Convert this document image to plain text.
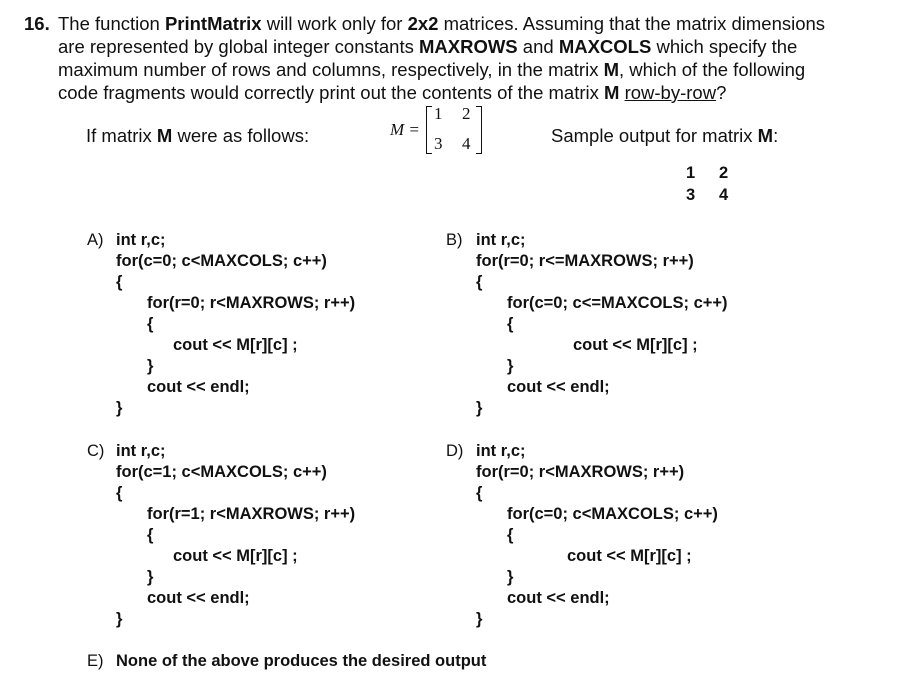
16. The function PrintMatrix will work only for 2x2 matrices. Assuming that the matrix dimensions
are represented by global integer constants MAXROWS and MAXCOLS which specify the
maximum number of rows and columns, respectively, in the matrix M, which of the following
code fragments would correctly print out the contents of the matrix M row-by-row?
If matrix M were as follows:	M =
1 2
3 4	Sample output for matrix M:
1 2
3 4
A) int r,c;
for(c=0; c<MAXCOLS; c++)
{
for(r=0; r<MAXROWS; r++)
{
cout << M[r][c] ;
}
cout << endl;
}
B) int r,c;
for(r=0; r<=MAXROWS; r++)
{
for(c=0; c<=MAXCOLS; c++)
{
cout << M[r][c] ;
}
cout << endl;
}
C) int r,c;
for(c=1; c<MAXCOLS; c++)
{
for(r=1; r<MAXROWS; r++)
{
cout << M[r][c] ;
}
cout << endl;
}
D) int r,c;
for(r=0; r<MAXROWS; r++)
{
for(c=0; c<MAXCOLS; c++)
{
cout << M[r][c] ;
}
cout << endl;
}
E) None of the above produces the desired output
